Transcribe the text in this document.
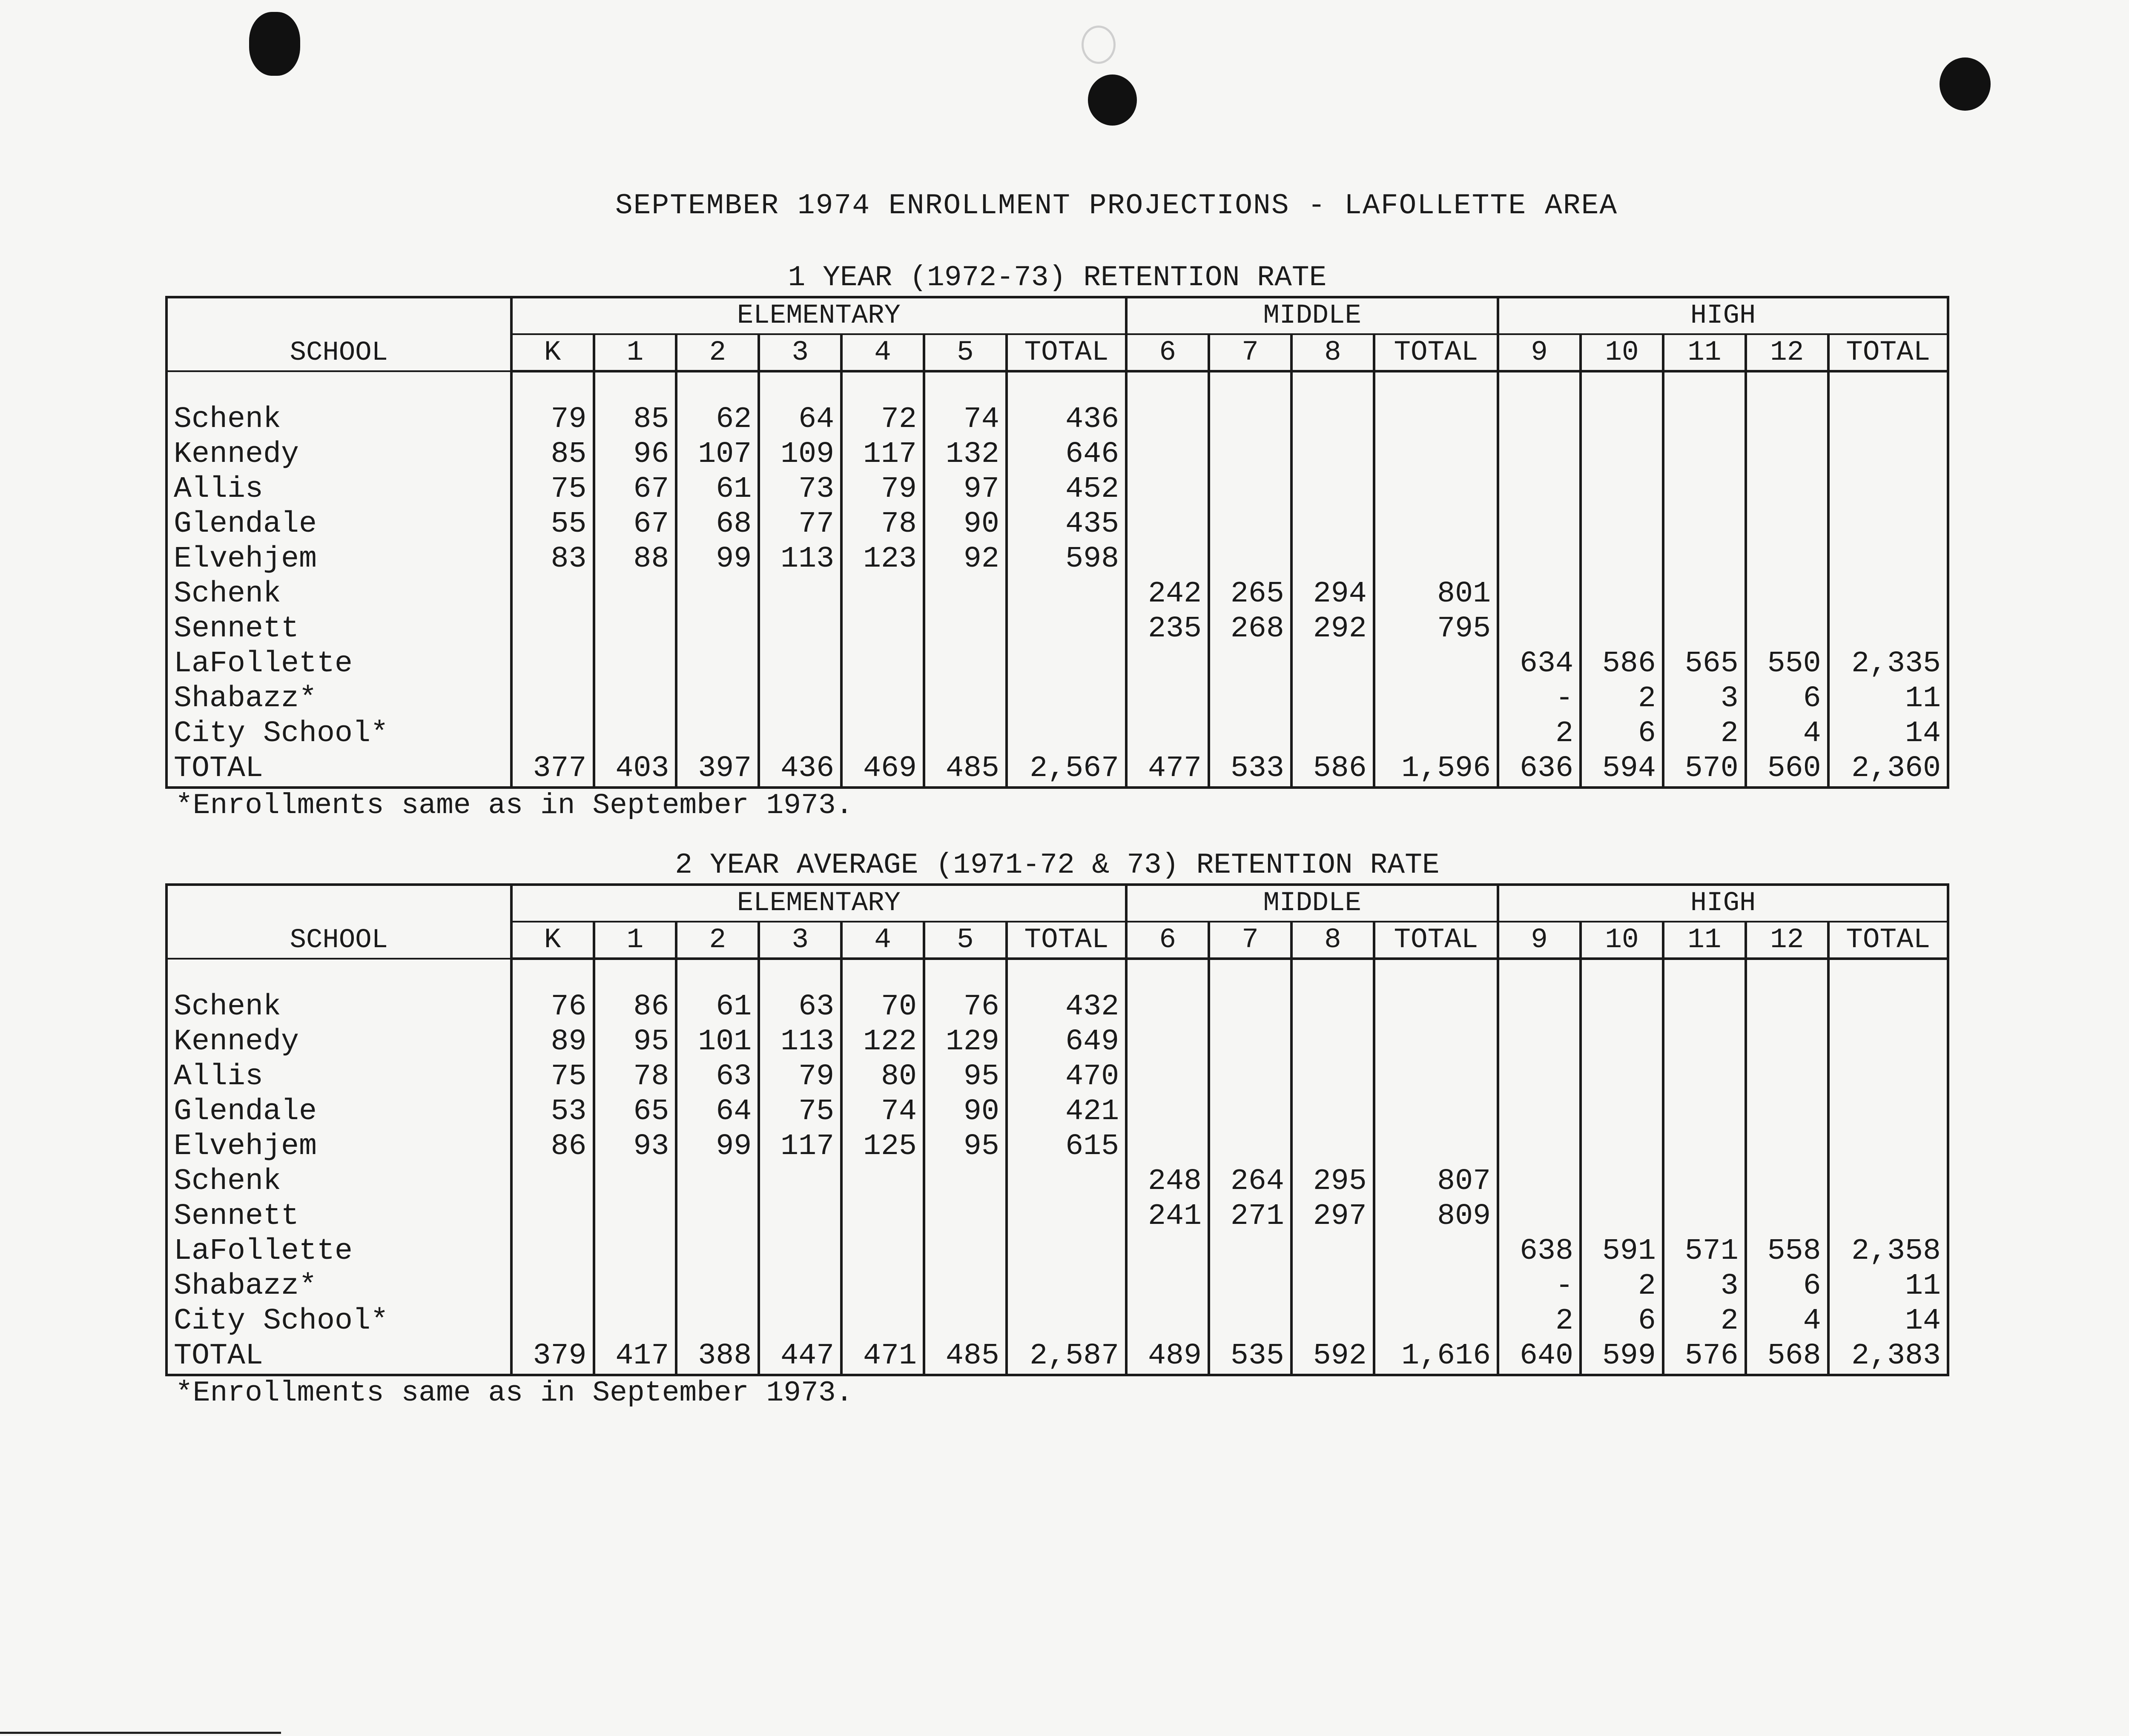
SEPTEMBER 1974 ENROLLMENT PROJECTIONS - LAFOLLETTE AREA
1 YEAR (1972-73) RETENTION RATE
SCHOOL	ELEMENTARY							MIDDLE				HIGH				
	K	1	2	3	4	5	TOTAL	6	7	8	TOTAL	9	10	11	12	TOTAL

Schenk	79	85	62	64	72	74	436									
Kennedy	85	96	107	109	117	132	646									
Allis	75	67	61	73	79	97	452									
Glendale	55	67	68	77	78	90	435									
Elvehjem	83	88	99	113	123	92	598									
Schenk								242	265	294	801					
Sennett								235	268	292	795					
LaFollette												634	586	565	550	2,335
Shabazz*												-	2	3	6	11
City School*												2	6	2	4	14
TOTAL	377	403	397	436	469	485	2,567	477	533	586	1,596	636	594	570	560	2,360
*Enrollments same as in September 1973.
2 YEAR AVERAGE (1971-72 & 73) RETENTION RATE
SCHOOL	ELEMENTARY							MIDDLE				HIGH				
	K	1	2	3	4	5	TOTAL	6	7	8	TOTAL	9	10	11	12	TOTAL

Schenk	76	86	61	63	70	76	432									
Kennedy	89	95	101	113	122	129	649									
Allis	75	78	63	79	80	95	470									
Glendale	53	65	64	75	74	90	421									
Elvehjem	86	93	99	117	125	95	615									
Schenk								248	264	295	807					
Sennett								241	271	297	809					
LaFollette												638	591	571	558	2,358
Shabazz*												-	2	3	6	11
City School*												2	6	2	4	14
TOTAL	379	417	388	447	471	485	2,587	489	535	592	1,616	640	599	576	568	2,383
*Enrollments same as in September 1973.
